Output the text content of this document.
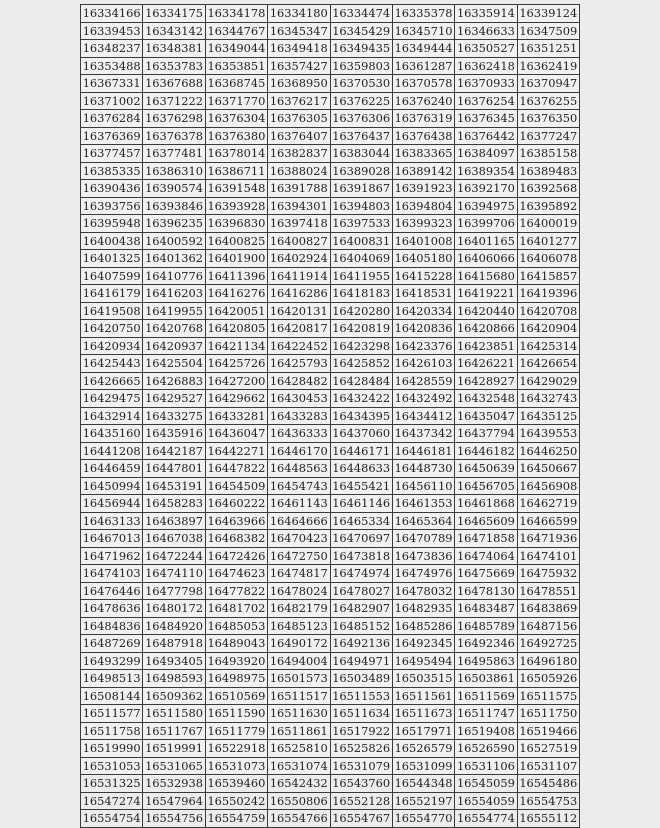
16334166	16334175	16334178	16334180	16334474	16335378	16335914	16339124
16339453	16343142	16344767	16345347	16345429	16345710	16346633	16347509
16348237	16348381	16349044	16349418	16349435	16349444	16350527	16351251
16353488	16353783	16353851	16357427	16359803	16361287	16362418	16362419
16367331	16367688	16368745	16368950	16370530	16370578	16370933	16370947
16371002	16371222	16371770	16376217	16376225	16376240	16376254	16376255
16376284	16376298	16376304	16376305	16376306	16376319	16376345	16376350
16376369	16376378	16376380	16376407	16376437	16376438	16376442	16377247
16377457	16377481	16378014	16382837	16383044	16383365	16384097	16385158
16385335	16386310	16386711	16388024	16389028	16389142	16389354	16389483
16390436	16390574	16391548	16391788	16391867	16391923	16392170	16392568
16393756	16393846	16393928	16394301	16394803	16394804	16394975	16395892
16395948	16396235	16396830	16397418	16397533	16399323	16399706	16400019
16400438	16400592	16400825	16400827	16400831	16401008	16401165	16401277
16401325	16401362	16401900	16402924	16404069	16405180	16406066	16406078
16407599	16410776	16411396	16411914	16411955	16415228	16415680	16415857
16416179	16416203	16416276	16416286	16418183	16418531	16419221	16419396
16419508	16419955	16420051	16420131	16420280	16420334	16420440	16420708
16420750	16420768	16420805	16420817	16420819	16420836	16420866	16420904
16420934	16420937	16421134	16422452	16423298	16423376	16423851	16425314
16425443	16425504	16425726	16425793	16425852	16426103	16426221	16426654
16426665	16426883	16427200	16428482	16428484	16428559	16428927	16429029
16429475	16429527	16429662	16430453	16432422	16432492	16432548	16432743
16432914	16433275	16433281	16433283	16434395	16434412	16435047	16435125
16435160	16435916	16436047	16436333	16437060	16437342	16437794	16439553
16441208	16442187	16442271	16446170	16446171	16446181	16446182	16446250
16446459	16447801	16447822	16448563	16448633	16448730	16450639	16450667
16450994	16453191	16454509	16454743	16455421	16456110	16456705	16456908
16456944	16458283	16460222	16461143	16461146	16461353	16461868	16462719
16463133	16463897	16463966	16464666	16465334	16465364	16465609	16466599
16467013	16467038	16468382	16470423	16470697	16470789	16471858	16471936
16471962	16472244	16472426	16472750	16473818	16473836	16474064	16474101
16474103	16474110	16474623	16474817	16474974	16474976	16475669	16475932
16476446	16477798	16477822	16478024	16478027	16478032	16478130	16478551
16478636	16480172	16481702	16482179	16482907	16482935	16483487	16483869
16484836	16484920	16485053	16485123	16485152	16485286	16485789	16487156
16487269	16487918	16489043	16490172	16492136	16492345	16492346	16492725
16493299	16493405	16493920	16494004	16494971	16495494	16495863	16496180
16498513	16498593	16498975	16501573	16503489	16503515	16503861	16505926
16508144	16509362	16510569	16511517	16511553	16511561	16511569	16511575
16511577	16511580	16511590	16511630	16511634	16511673	16511747	16511750
16511758	16511767	16511779	16511861	16517922	16517971	16519408	16519466
16519990	16519991	16522918	16525810	16525826	16526579	16526590	16527519
16531053	16531065	16531073	16531074	16531079	16531099	16531106	16531107
16531325	16532938	16539460	16542432	16543760	16544348	16545059	16545486
16547274	16547964	16550242	16550806	16552128	16552197	16554059	16554753
16554754	16554756	16554759	16554766	16554767	16554770	16554774	16555112
